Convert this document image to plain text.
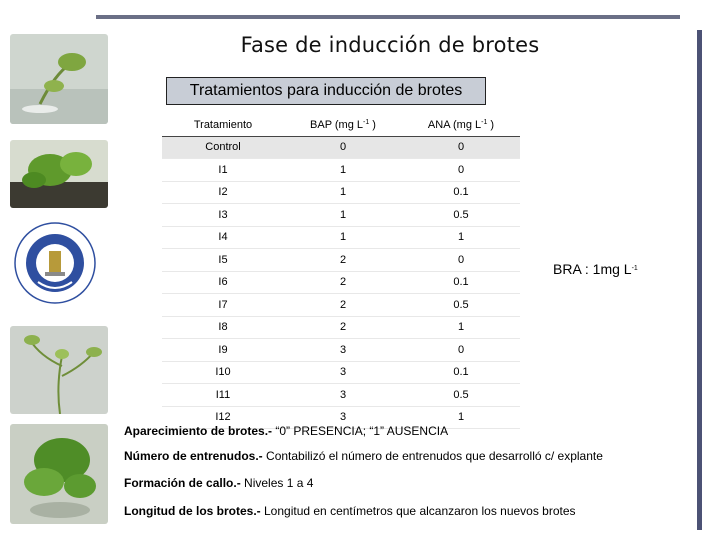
Fase de inducción de brotes
Tratamientos para inducción de brotes
Tratamiento	BAP (mg $L^{-1}$ )	ANA (mg $L^{-1}$ )
Control	0	0
I1	1	0
I2	1	0.1
I3	1	0.5
I4	1	1
I5	2	0
I6	2	0.1
I7	2	0.5
I8	2	1
I9	3	0
I10	3	0.1
I11	3	0.5
I12	3	1
BRA : 1mg $L^{-1}$

Aparecimiento de brotes.- “0” PRESENCIA; “1” AUSENCIA

Número de entrenudos.- Contabilizó el número de entrenudos que desarrolló c/ explante

Formación de callo.- Niveles 1 a 4

Longitud de los brotes.- Longitud en centímetros que alcanzaron los nuevos brotes
